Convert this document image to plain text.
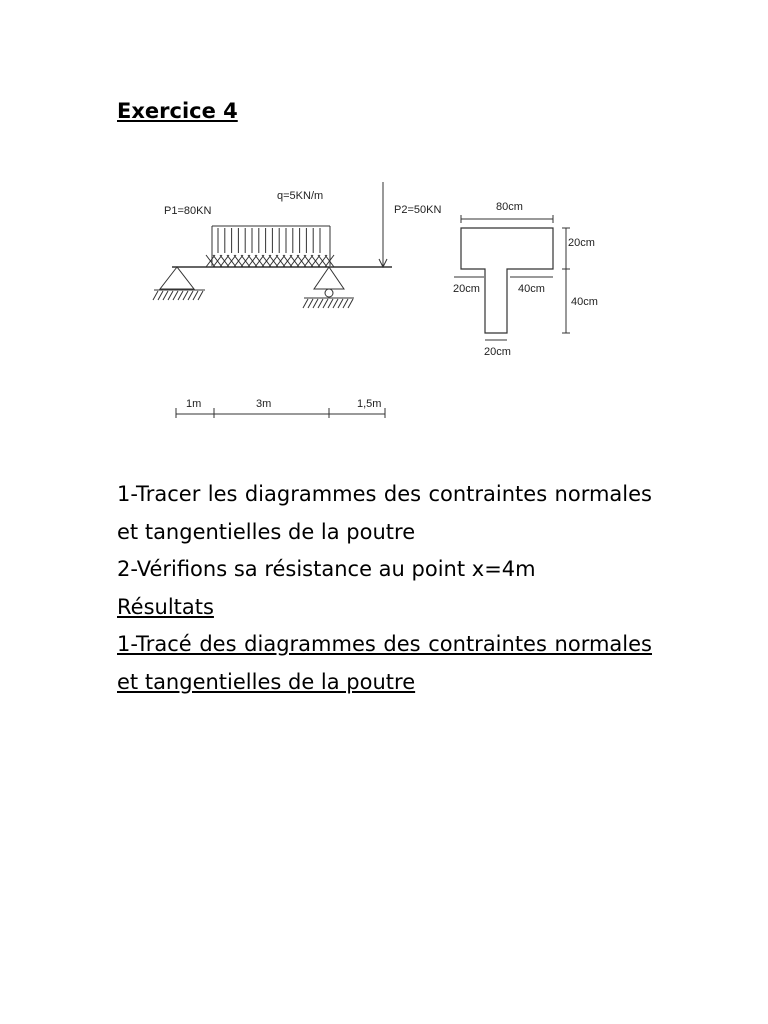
Exercice 4
q=5KN/m
P1=80KN	P2=50KN
1m	3m	1,5m
80cm
20cm
20cm	40cm
40cm
20cm

1-Tracer les diagrammes des contraintes normales et tangentielles de la poutre

2-Vérifions sa résistance au point x=4m

Résultats

1-Tracé des diagrammes des contraintes normales et tangentielles de la poutre
